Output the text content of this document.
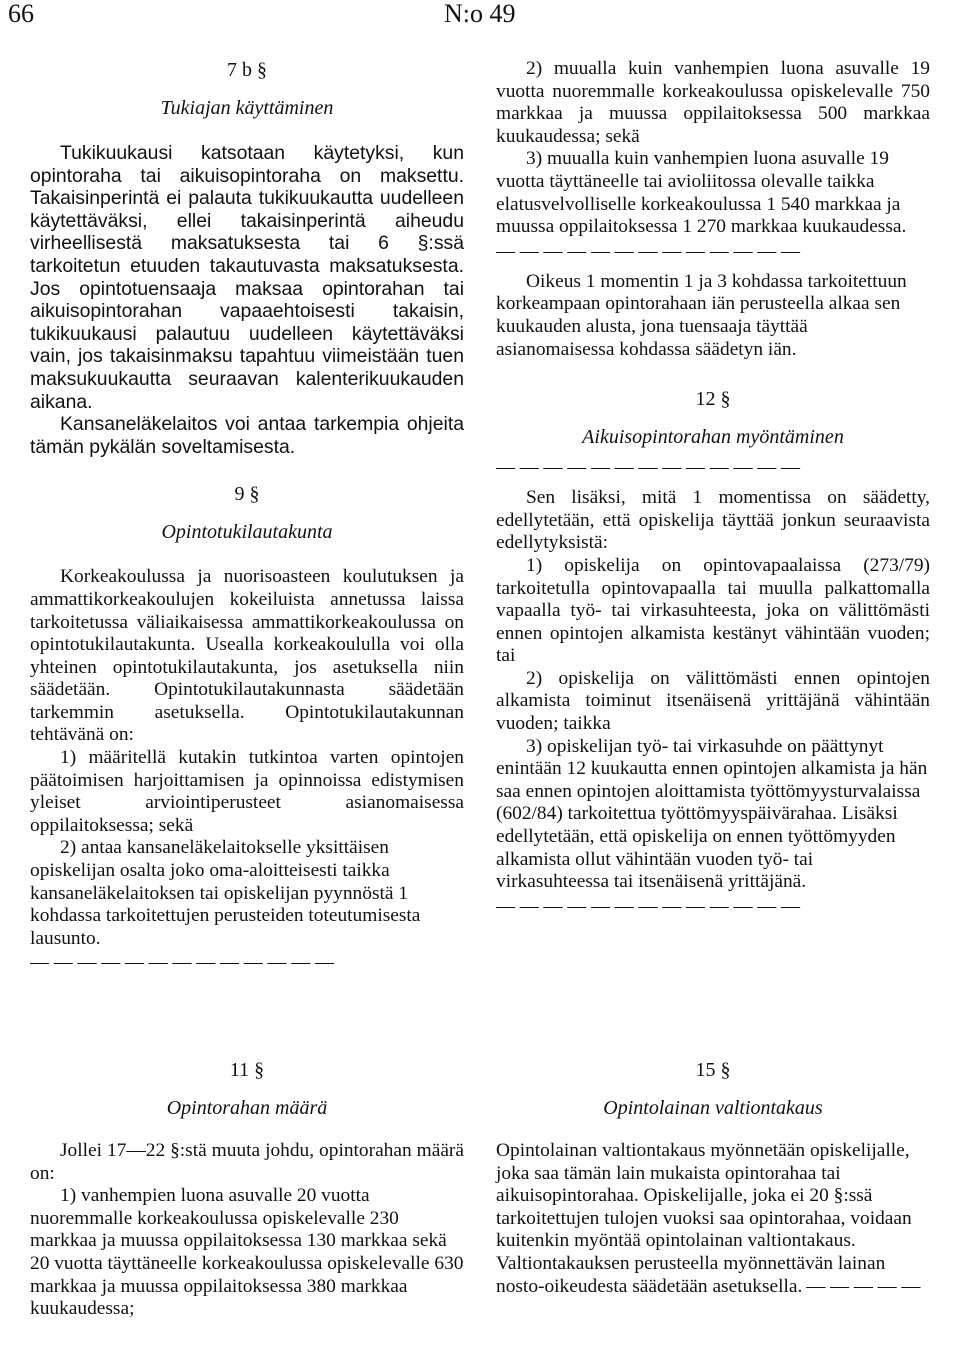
66	N:o 49
7 b §
Tukiajan käyttäminen

Tukikuukausi katsotaan käytetyksi, kun opintoraha tai aikuisopintoraha on maksettu. Takaisinperintä ei palauta tukikuukautta uudelleen käytettäväksi, ellei takaisinperintä aiheudu virheellisestä maksatuksesta tai 6 §:ssä tarkoitetun etuuden takautuvasta maksatuksesta. Jos opintotuensaaja maksaa opintorahan tai aikuisopintorahan vapaaehtoisesti takaisin, tukikuukausi palautuu uudelleen käytettäväksi vain, jos takaisinmaksu tapahtuu viimeistään tuen maksukuukautta seuraavan kalenterikuukauden aikana.

Kansaneläkelaitos voi antaa tarkempia ohjeita tämän pykälän soveltamisesta.

9 §
Opintotukilautakunta

Korkeakoulussa ja nuorisoasteen koulutuksen ja ammattikorkeakoulujen kokeiluista annetussa laissa tarkoitetussa väliaikaisessa ammattikorkeakoulussa on opintotukilautakunta. Usealla korkeakoululla voi olla yhteinen opintotukilautakunta, jos asetuksella niin säädetään. Opintotukilautakunnasta säädetään tarkemmin asetuksella. Opintotukilautakunnan tehtävänä on:

1) määritellä kutakin tutkintoa varten opintojen päätoimisen harjoittamisen ja opinnoissa edistymisen yleiset arviointiperusteet asianomaisessa oppilaitoksessa; sekä

2) antaa kansaneläkelaitokselle yksittäisen opiskelijan osalta joko oma-aloitteisesti taikka kansaneläkelaitoksen tai opiskelijan pyynnöstä 1 kohdassa tarkoitettujen perusteiden toteutumisesta lausunto.

— — — — — — — — — — — — —

2) muualla kuin vanhempien luona asuvalle 19 vuotta nuoremmalle korkeakoulussa opiskelevalle 750 markkaa ja muussa oppilaitoksessa 500 markkaa kuukaudessa; sekä

3) muualla kuin vanhempien luona asuvalle 19 vuotta täyttäneelle tai avioliitossa olevalle taikka elatusvelvolliselle korkeakoulussa 1 540 markkaa ja muussa oppilaitoksessa 1 270 markkaa kuukaudessa.

— — — — — — — — — — — — —

Oikeus 1 momentin 1 ja 3 kohdassa tarkoitettuun korkeampaan opintorahaan iän perusteella alkaa sen kuukauden alusta, jona tuensaaja täyttää asianomaisessa kohdassa säädetyn iän.

12 §
Aikuisopintorahan myöntäminen
— — — — — — — — — — — — —

Sen lisäksi, mitä 1 momentissa on säädetty, edellytetään, että opiskelija täyttää jonkun seuraavista edellytyksistä:

1) opiskelija on opintovapaalaissa (273/79) tarkoitetulla opintovapaalla tai muulla palkattomalla vapaalla työ- tai virkasuhteesta, joka on välittömästi ennen opintojen alkamista kestänyt vähintään vuoden; tai

2) opiskelija on välittömästi ennen opintojen alkamista toiminut itsenäisenä yrittäjänä vähintään vuoden; taikka

3) opiskelijan työ- tai virkasuhde on päättynyt enintään 12 kuukautta ennen opintojen alkamista ja hän saa ennen opintojen aloittamista työttömyysturvalaissa (602/84) tarkoitettua työttömyyspäivärahaa. Lisäksi edellytetään, että opiskelija on ennen työttömyyden alkamista ollut vähintään vuoden työ- tai virkasuhteessa tai itsenäisenä yrittäjänä.

— — — — — — — — — — — — —
11 §
Opintorahan määrä

Jollei 17—22 §:stä muuta johdu, opintorahan määrä on:

1) vanhempien luona asuvalle 20 vuotta nuoremmalle korkeakoulussa opiskelevalle 230 markkaa ja muussa oppilaitoksessa 130 markkaa sekä 20 vuotta täyttäneelle korkeakoulussa opiskelevalle 630 markkaa ja muussa oppilaitoksessa 380 markkaa kuukaudessa;

15 §
Opintolainan valtiontakaus

Opintolainan valtiontakaus myönnetään opiskelijalle, joka saa tämän lain mukaista opintorahaa tai aikuisopintorahaa. Opiskelijalle, joka ei 20 §:ssä tarkoitettujen tulojen vuoksi saa opintorahaa, voidaan kuitenkin myöntää opintolainan valtiontakaus. Valtiontakauksen perusteella myönnettävän lainan nosto-oikeudesta säädetään asetuksella. — — — — —
